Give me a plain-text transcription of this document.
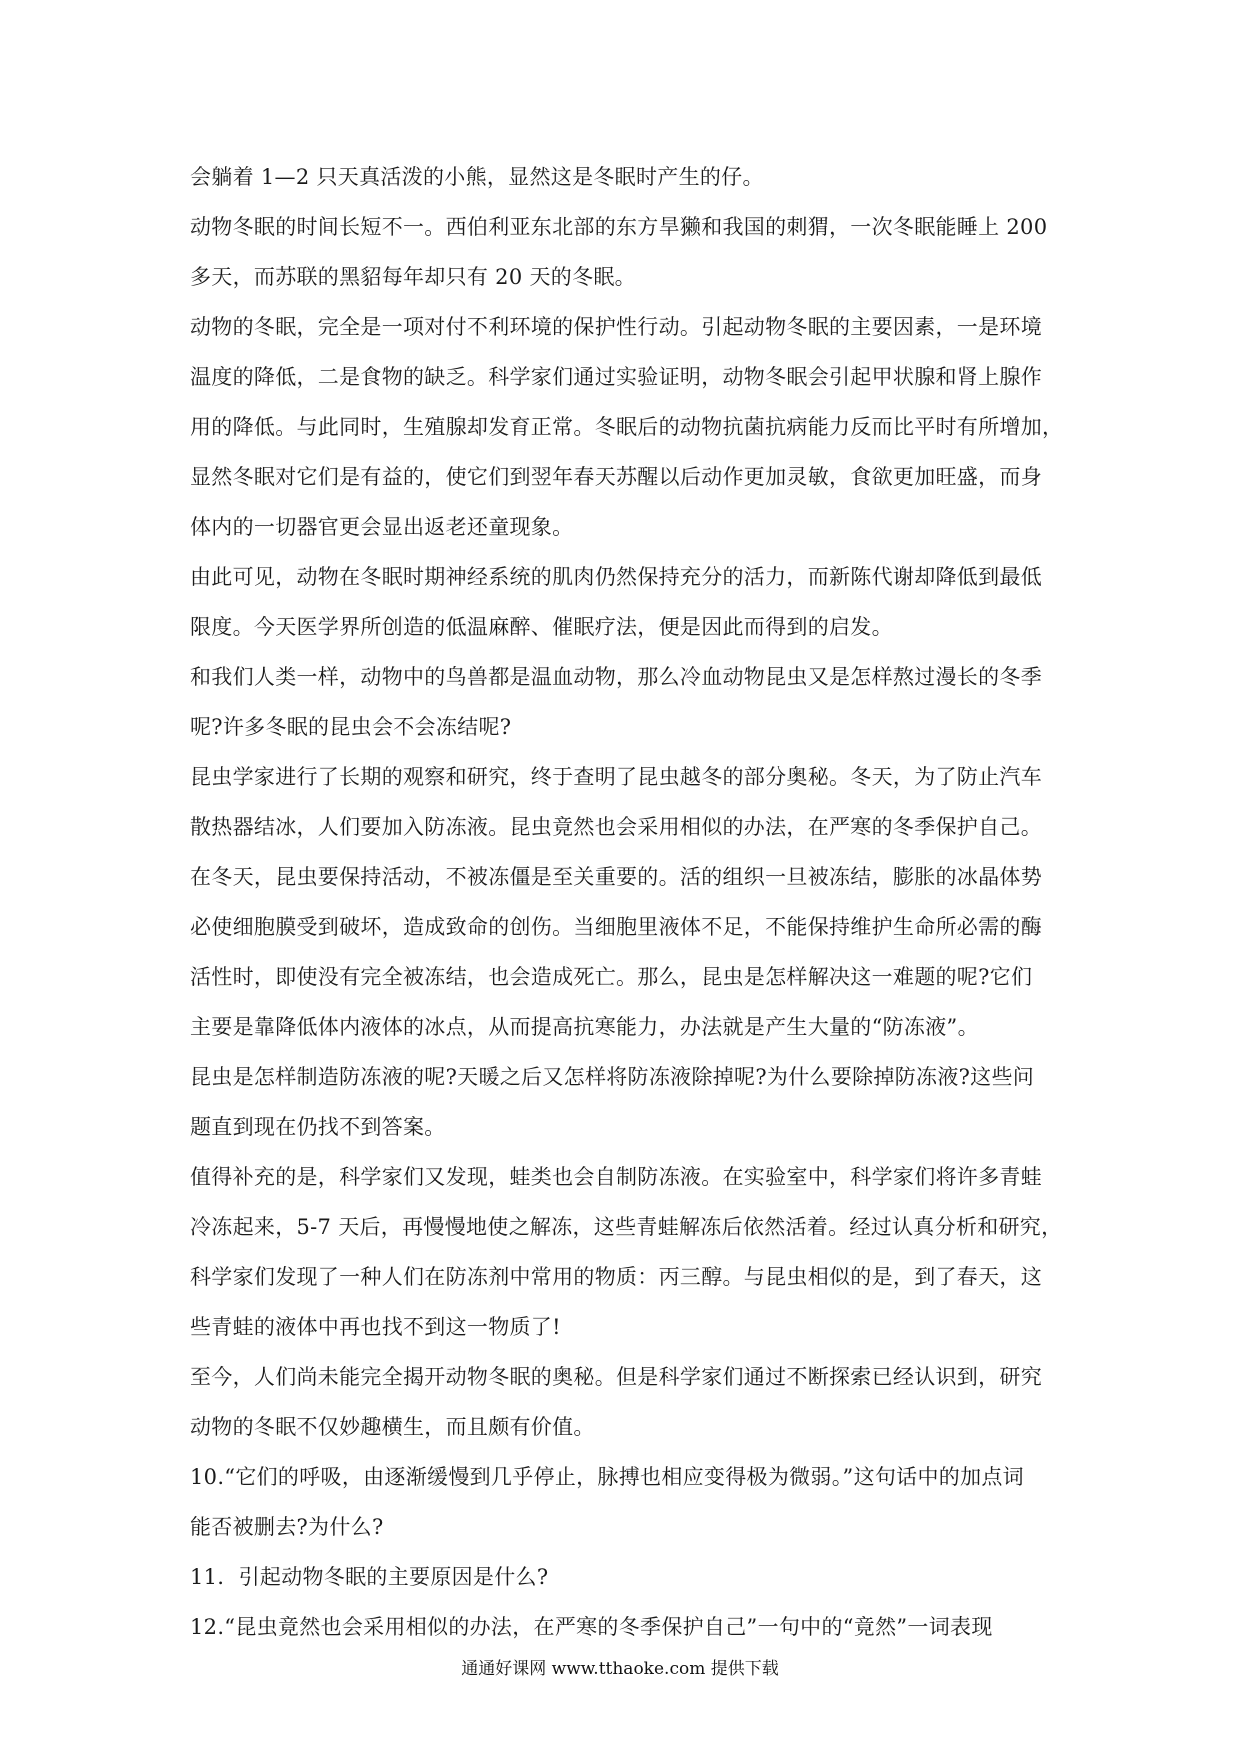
会躺着 1—2 只天真活泼的小熊，显然这是冬眠时产生的仔。
动物冬眠的时间长短不一。西伯利亚东北部的东方旱獭和我国的刺猬，一次冬眠能睡上 200
多天，而苏联的黑貂每年却只有 20 天的冬眠。
动物的冬眠，完全是一项对付不利环境的保护性行动。引起动物冬眠的主要因素，一是环境
温度的降低，二是食物的缺乏。科学家们通过实验证明，动物冬眠会引起甲状腺和肾上腺作
用的降低。与此同时，生殖腺却发育正常。冬眠后的动物抗菌抗病能力反而比平时有所增加，
显然冬眠对它们是有益的，使它们到翌年春天苏醒以后动作更加灵敏，食欲更加旺盛，而身
体内的一切器官更会显出返老还童现象。
由此可见，动物在冬眠时期神经系统的肌肉仍然保持充分的活力，而新陈代谢却降低到最低
限度。今天医学界所创造的低温麻醉、催眠疗法，便是因此而得到的启发。
和我们人类一样，动物中的鸟兽都是温血动物，那么冷血动物昆虫又是怎样熬过漫长的冬季
呢?许多冬眠的昆虫会不会冻结呢?
昆虫学家进行了长期的观察和研究，终于查明了昆虫越冬的部分奥秘。冬天，为了防止汽车
散热器结冰，人们要加入防冻液。昆虫竟然也会采用相似的办法，在严寒的冬季保护自己。
在冬天，昆虫要保持活动，不被冻僵是至关重要的。活的组织一旦被冻结，膨胀的冰晶体势
必使细胞膜受到破坏，造成致命的创伤。当细胞里液体不足，不能保持维护生命所必需的酶
活性时，即使没有完全被冻结，也会造成死亡。那么，昆虫是怎样解决这一难题的呢?它们
主要是靠降低体内液体的冰点，从而提高抗寒能力，办法就是产生大量的“防冻液”。
昆虫是怎样制造防冻液的呢?天暖之后又怎样将防冻液除掉呢?为什么要除掉防冻液?这些问
题直到现在仍找不到答案。
值得补充的是，科学家们又发现，蛙类也会自制防冻液。在实验室中，科学家们将许多青蛙
冷冻起来，5-7 天后，再慢慢地使之解冻，这些青蛙解冻后依然活着。经过认真分析和研究，
科学家们发现了一种人们在防冻剂中常用的物质：丙三醇。与昆虫相似的是，到了春天，这
些青蛙的液体中再也找不到这一物质了!
至今，人们尚未能完全揭开动物冬眠的奥秘。但是科学家们通过不断探索已经认识到，研究
动物的冬眠不仅妙趣横生，而且颇有价值。
10.“它们的呼吸，由逐渐缓慢到几乎停止，脉搏也相应变得极为微弱。”这句话中的加点词
能否被删去?为什么?
11．引起动物冬眠的主要原因是什么?
12.“昆虫竟然也会采用相似的办法，在严寒的冬季保护自己”一句中的“竟然”一词表现
通通好课网 www.tthaoke.com 提供下载
